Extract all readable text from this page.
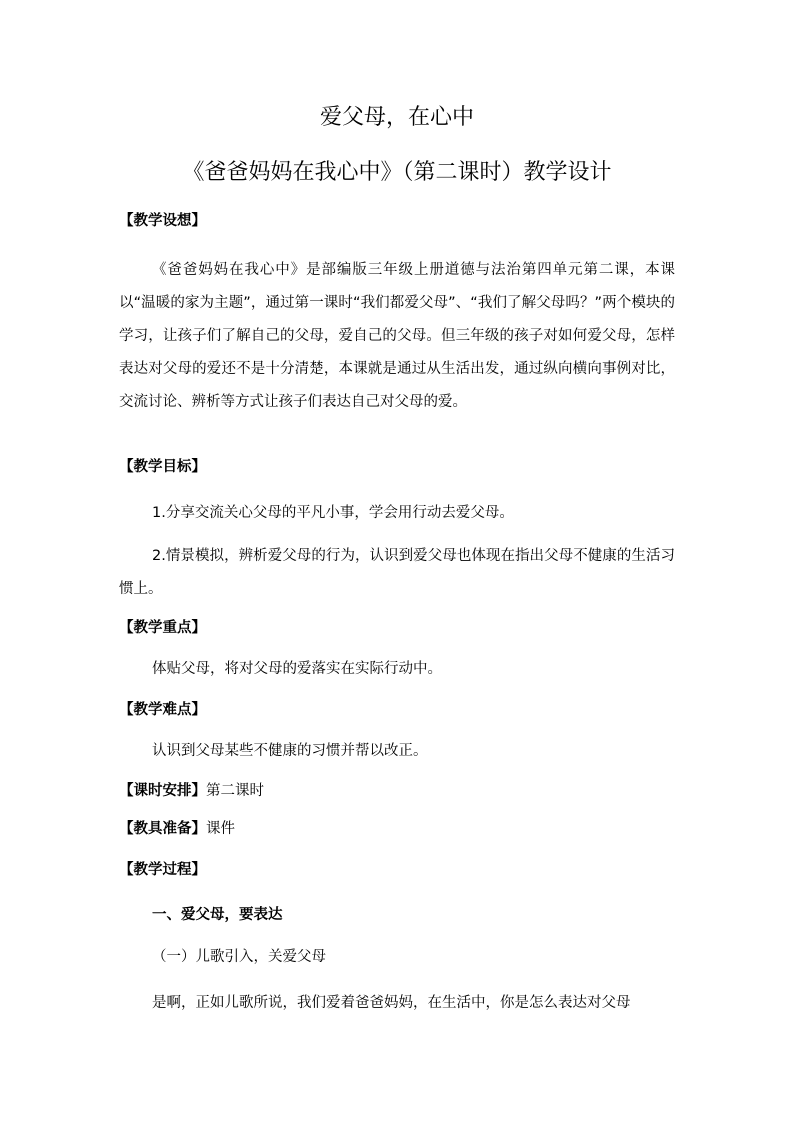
爱父母，在心中
《爸爸妈妈在我心中》（第二课时）教学设计

【教学设想】

《爸爸妈妈在我心中》是部编版三年级上册道德与法治第四单元第二课，本课以“温暖的家为主题”，通过第一课时“我们都爱父母”、“我们了解父母吗？”两个模块的学习，让孩子们了解自己的父母，爱自己的父母。但三年级的孩子对如何爱父母，怎样表达对父母的爱还不是十分清楚，本课就是通过从生活出发，通过纵向横向事例对比，交流讨论、辨析等方式让孩子们表达自己对父母的爱。

【教学目标】

1.分享交流关心父母的平凡小事，学会用行动去爱父母。

2.情景模拟，辨析爱父母的行为，认识到爱父母也体现在指出父母不健康的生活习惯上。

【教学重点】

体贴父母，将对父母的爱落实在实际行动中。

【教学难点】

认识到父母某些不健康的习惯并帮以改正。

【课时安排】第二课时

【教具准备】课件

【教学过程】

一、爱父母，要表达

（一）儿歌引入，关爱父母

是啊，正如儿歌所说，我们爱着爸爸妈妈，在生活中，你是怎么表达对父母
